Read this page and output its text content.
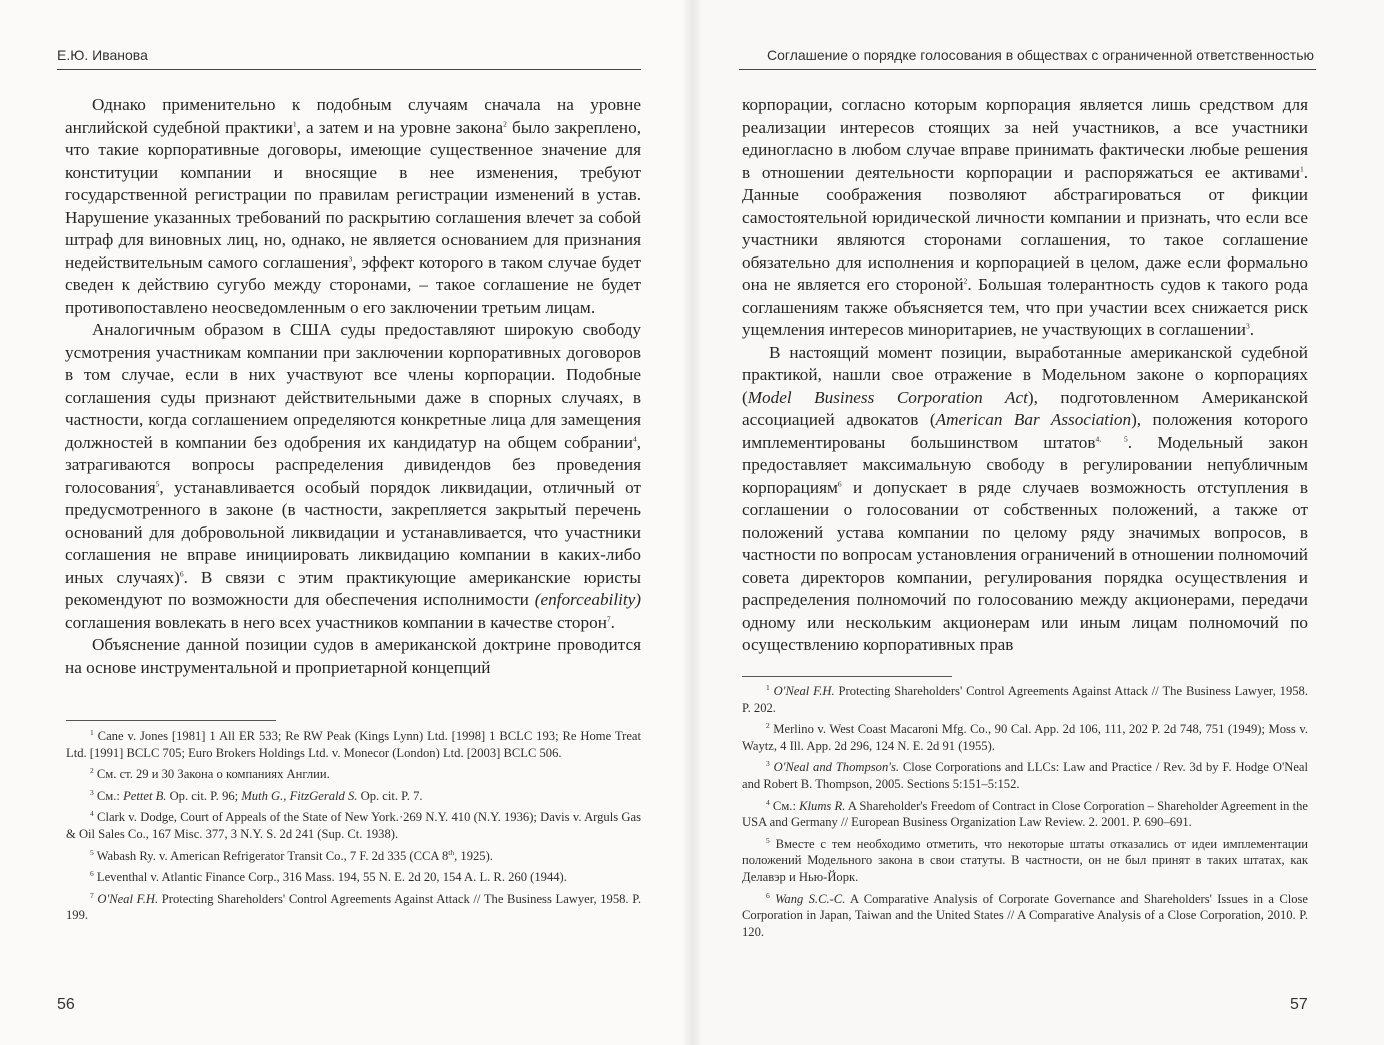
Е.Ю. Иванова

Однако применительно к подобным случаям сначала на уровне английской судебной практики$^1$, а затем и на уровне закона$^2$ было закреплено, что такие корпоративные договоры, имеющие существенное значение для конституции компании и вносящие в нее изменения, требуют государственной регистрации по правилам регистрации изменений в устав. Нарушение указанных требований по раскрытию соглашения влечет за собой штраф для виновных лиц, но, однако, не является основанием для признания недействительным самого соглашения$^3$, эффект которого в таком случае будет сведен к действию сугубо между сторонами, – такое соглашение не будет противопоставлено неосведомленным о его заключении третьим лицам.

Аналогичным образом в США суды предоставляют широкую свободу усмотрения участникам компании при заключении корпоративных договоров в том случае, если в них участвуют все члены корпорации. Подобные соглашения суды признают действительными даже в спорных случаях, в частности, когда соглашением определяются конкретные лица для замещения должностей в компании без одобрения их кандидатур на общем собрании$^4$, затрагиваются вопросы распределения дивидендов без проведения голосования$^5$, устанавливается особый порядок ликвидации, отличный от предусмотренного в законе (в частности, закрепляется закрытый перечень оснований для добровольной ликвидации и устанавливается, что участники соглашения не вправе инициировать ликвидацию компании в каких-либо иных случаях)$^6$. В связи с этим практикующие американские юристы рекомендуют по возможности для обеспечения исполнимости (enforceability) соглашения вовлекать в него всех участников компании в качестве сторон$^7$.

Объяснение данной позиции судов в американской доктрине проводится на основе инструментальной и проприетарной концепций

$^1$ Cane v. Jones [1981] 1 All ER 533; Re RW Peak (Kings Lynn) Ltd. [1998] 1 BCLC 193; Re Home Treat Ltd. [1991] BCLC 705; Euro Brokers Holdings Ltd. v. Monecor (London) Ltd. [2003] BCLC 506.

$^2$ См. ст. 29 и 30 Закона о компаниях Англии.

$^3$ См.: Pettet B. Op. cit. P. 96; Muth G., FitzGerald S. Op. cit. P. 7.

$^4$ Clark v. Dodge, Court of Appeals of the State of New York.·269 N.Y. 410 (N.Y. 1936); Davis v. Arguls Gas & Oil Sales Co., 167 Misc. 377, 3 N.Y. S. 2d 241 (Sup. Ct. 1938).

$^5$ Wabash Ry. v. American Refrigerator Transit Co., 7 F. 2d 335 (CCA 8th, 1925).

$^6$ Leventhal v. Atlantic Finance Corp., 316 Mass. 194, 55 N. E. 2d 20, 154 A. L. R. 260 (1944).

$^7$ O'Neal F.H. Protecting Shareholders' Control Agreements Against Attack // The Business Lawyer, 1958. P. 199.

56
Соглашение о порядке голосования в обществах с ограниченной ответственностью

корпорации, согласно которым корпорация является лишь средством для реализации интересов стоящих за ней участников, а все участники единогласно в любом случае вправе принимать фактически любые решения в отношении деятельности корпорации и распоряжаться ее активами$^1$. Данные соображения позволяют абстрагироваться от фикции самостоятельной юридической личности компании и признать, что если все участники являются сторонами соглашения, то такое соглашение обязательно для исполнения и корпорацией в целом, даже если формально она не является его стороной$^2$. Большая толерантность судов к такого рода соглашениям также объясняется тем, что при участии всех снижается риск ущемления интересов миноритариев, не участвующих в соглашении$^3$.

В настоящий момент позиции, выработанные американской судебной практикой, нашли свое отражение в Модельном законе о корпорациях (Model Business Corporation Act), подготовленном Американской ассоциацией адвокатов (American Bar Association), положения которого имплементированы большинством штатов$^{4, 5}$. Модельный закон предоставляет максимальную свободу в регулировании непубличным корпорациям$^6$ и допускает в ряде случаев возможность отступления в соглашении о голосовании от собственных положений, а также от положений устава компании по целому ряду значимых вопросов, в частности по вопросам установления ограничений в отношении полномочий совета директоров компании, регулирования порядка осуществления и распределения полномочий по голосованию между акционерами, передачи одному или нескольким акционерам или иным лицам полномочий по осуществлению корпоративных прав

$^1$ O'Neal F.H. Protecting Shareholders' Control Agreements Against Attack // The Business Lawyer, 1958. P. 202.

$^2$ Merlino v. West Coast Macaroni Mfg. Co., 90 Cal. App. 2d 106, 111, 202 P. 2d 748, 751 (1949); Moss v. Waytz, 4 Ill. App. 2d 296, 124 N. E. 2d 91 (1955).

$^3$ O'Neal and Thompson's. Close Corporations and LLCs: Law and Practice / Rev. 3d by F. Hodge O'Neal and Robert B. Thompson, 2005. Sections 5:151–5:152.

$^4$ См.: Klums R. A Shareholder's Freedom of Contract in Close Corporation – Shareholder Agreement in the USA and Germany // European Business Organization Law Review. 2. 2001. P. 690–691.

$^5$ Вместе с тем необходимо отметить, что некоторые штаты отказались от идеи имплементации положений Модельного закона в свои статуты. В частности, он не был принят в таких штатах, как Делавэр и Нью-Йорк.

$^6$ Wang S.C.-C. A Comparative Analysis of Corporate Governance and Shareholders' Issues in a Close Corporation in Japan, Taiwan and the United States // A Comparative Analysis of a Close Corporation, 2010. P. 120.

57
